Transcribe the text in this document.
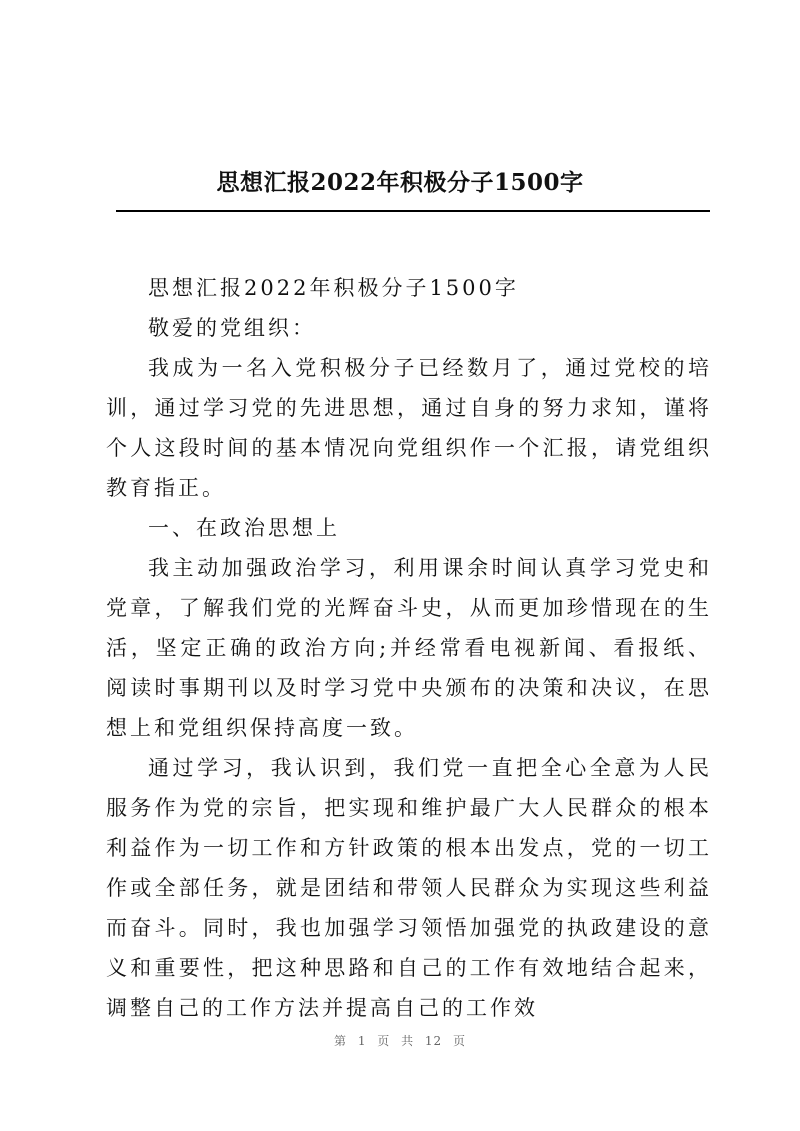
思想汇报2022年积极分子1500字

思想汇报2022年积极分子1500字

敬爱的党组织：

我成为一名入党积极分子已经数月了，通过党校的培训，通过学习党的先进思想，通过自身的努力求知，谨将个人这段时间的基本情况向党组织作一个汇报，请党组织教育指正。

一、在政治思想上

我主动加强政治学习，利用课余时间认真学习党史和党章，了解我们党的光辉奋斗史，从而更加珍惜现在的生活，坚定正确的政治方向;并经常看电视新闻、看报纸、阅读时事期刊以及时学习党中央颁布的决策和决议，在思想上和党组织保持高度一致。

通过学习，我认识到，我们党一直把全心全意为人民服务作为党的宗旨，把实现和维护最广大人民群众的根本利益作为一切工作和方针政策的根本出发点，党的一切工作或全部任务，就是团结和带领人民群众为实现这些利益而奋斗。同时，我也加强学习领悟加强党的执政建设的意义和重要性，把这种思路和自己的工作有效地结合起来，调整自己的工作方法并提高自己的工作效

第 1 页 共 12 页
